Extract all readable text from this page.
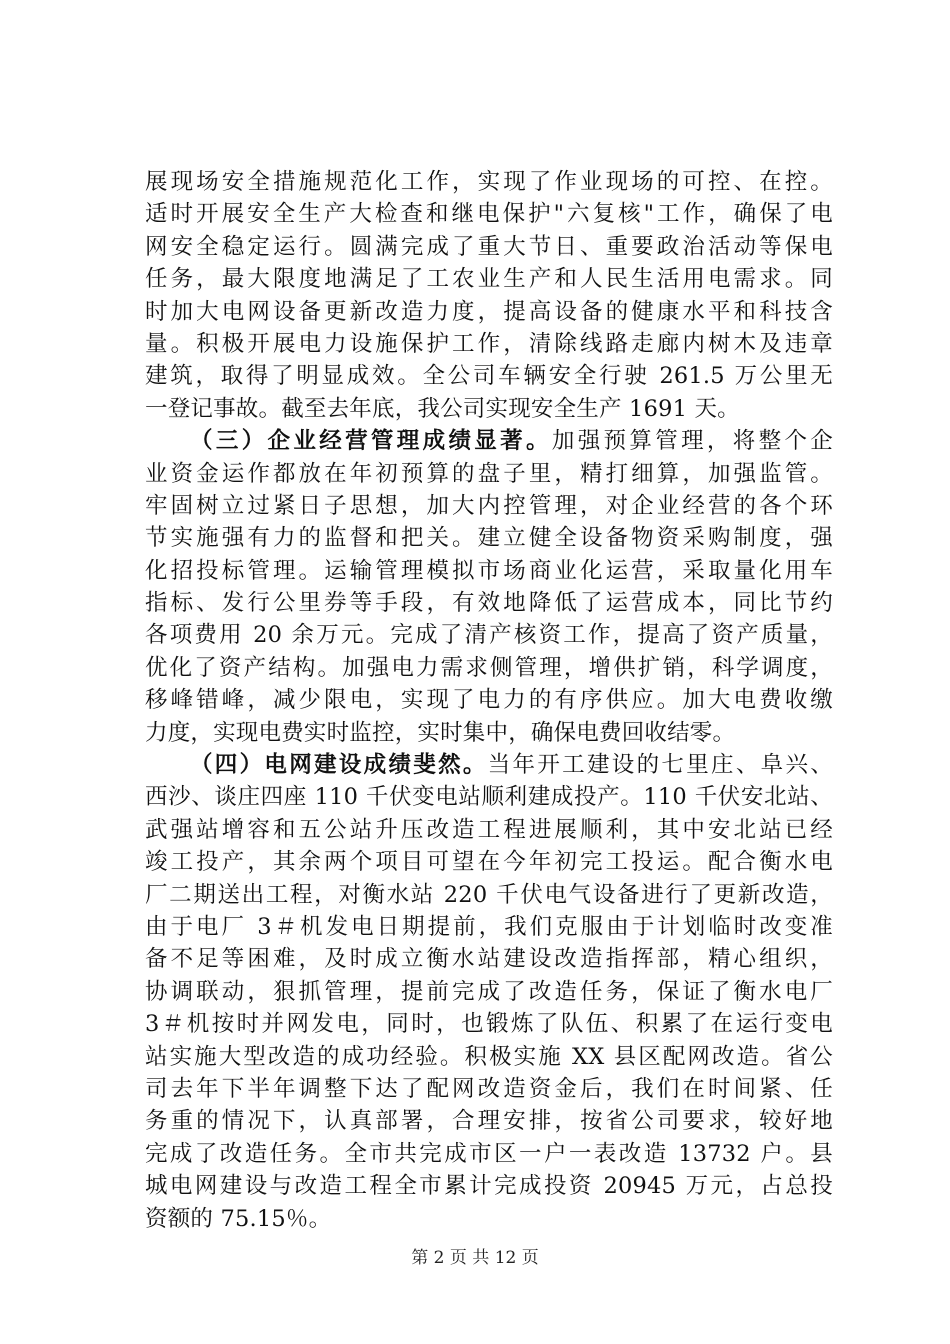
展现场安全措施规范化工作，实现了作业现场的可控、在控。
适时开展安全生产大检查和继电保护"六复核"工作，确保了电
网安全稳定运行。圆满完成了重大节日、重要政治活动等保电
任务，最大限度地满足了工农业生产和人民生活用电需求。同
时加大电网设备更新改造力度，提高设备的健康水平和科技含
量。积极开展电力设施保护工作，清除线路走廊内树木及违章
建筑，取得了明显成效。全公司车辆安全行驶 261.5 万公里无
一登记事故。截至去年底，我公司实现安全生产 1691 天。
（三）企业经营管理成绩显著。加强预算管理，将整个企
业资金运作都放在年初预算的盘子里，精打细算，加强监管。
牢固树立过紧日子思想，加大内控管理，对企业经营的各个环
节实施强有力的监督和把关。建立健全设备物资采购制度，强
化招投标管理。运输管理模拟市场商业化运营，采取量化用车
指标、发行公里券等手段，有效地降低了运营成本，同比节约
各项费用 20 余万元。完成了清产核资工作，提高了资产质量，
优化了资产结构。加强电力需求侧管理，增供扩销，科学调度，
移峰错峰，减少限电，实现了电力的有序供应。加大电费收缴
力度，实现电费实时监控，实时集中，确保电费回收结零。
（四）电网建设成绩斐然。当年开工建设的七里庄、阜兴、
西沙、谈庄四座 110 千伏变电站顺利建成投产。110 千伏安北站、
武强站增容和五公站升压改造工程进展顺利，其中安北站已经
竣工投产，其余两个项目可望在今年初完工投运。配合衡水电
厂二期送出工程，对衡水站 220 千伏电气设备进行了更新改造，
由于电厂 3＃机发电日期提前，我们克服由于计划临时改变准
备不足等困难，及时成立衡水站建设改造指挥部，精心组织，
协调联动，狠抓管理，提前完成了改造任务，保证了衡水电厂
3＃机按时并网发电，同时，也锻炼了队伍、积累了在运行变电
站实施大型改造的成功经验。积极实施 XX 县区配网改造。省公
司去年下半年调整下达了配网改造资金后，我们在时间紧、任
务重的情况下，认真部署，合理安排，按省公司要求，较好地
完成了改造任务。全市共完成市区一户一表改造 13732 户。县
城电网建设与改造工程全市累计完成投资 20945 万元，占总投
资额的 75.15％。
第 2 页 共 12 页
